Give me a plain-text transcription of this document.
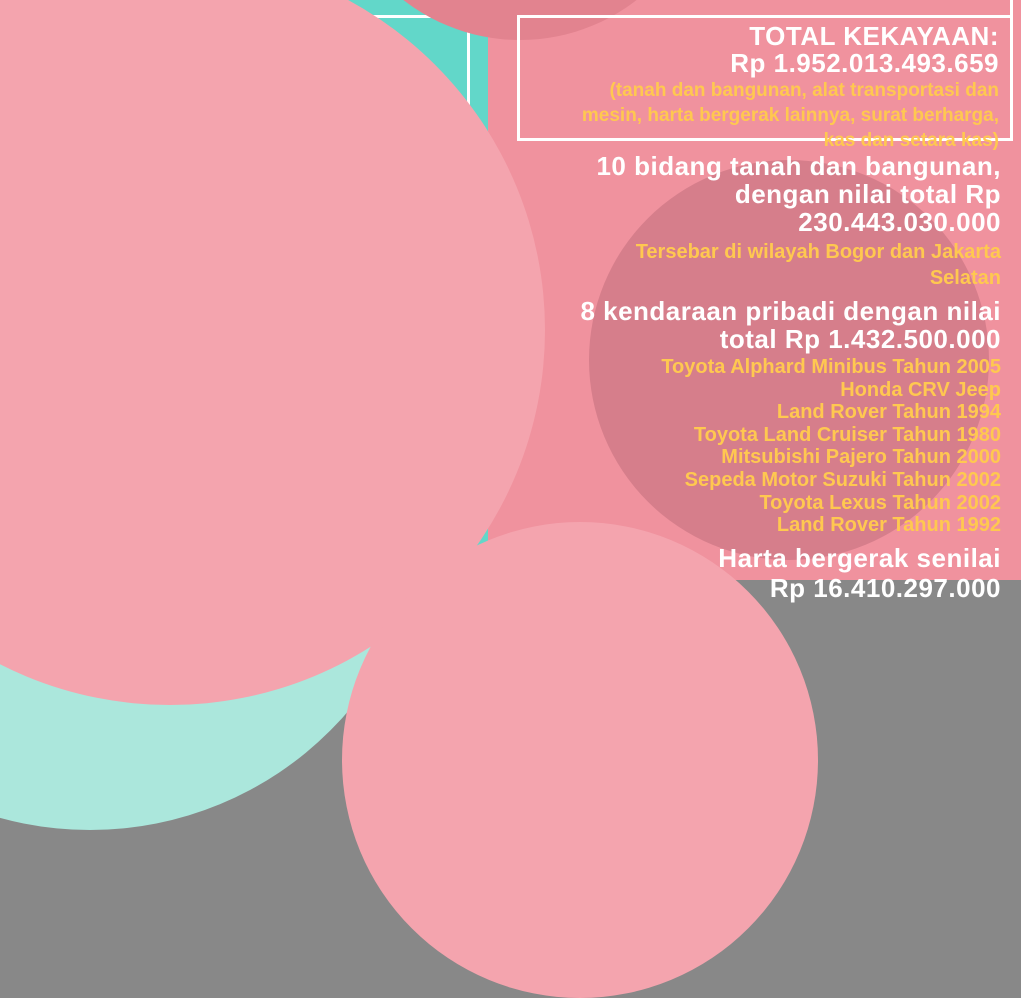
TOTAL KEKAYAAN:
Rp 1.952.013.493.659
(tanah dan bangunan, alat transportasi dan
mesin, harta bergerak lainnya, surat berharga,
kas dan setara kas)
10 bidang tanah dan bangunan,
dengan nilai total Rp
230.443.030.000
Tersebar di wilayah Bogor dan Jakarta
Selatan
8 kendaraan pribadi dengan nilai
total Rp 1.432.500.000
Toyota Alphard Minibus Tahun 2005
Honda CRV Jeep
Land Rover Tahun 1994
Toyota Land Cruiser Tahun 1980
Mitsubishi Pajero Tahun 2000
Sepeda Motor Suzuki Tahun 2002
Toyota Lexus Tahun 2002
Land Rover Tahun 1992
Harta bergerak senilai
Rp 16.410.297.000
